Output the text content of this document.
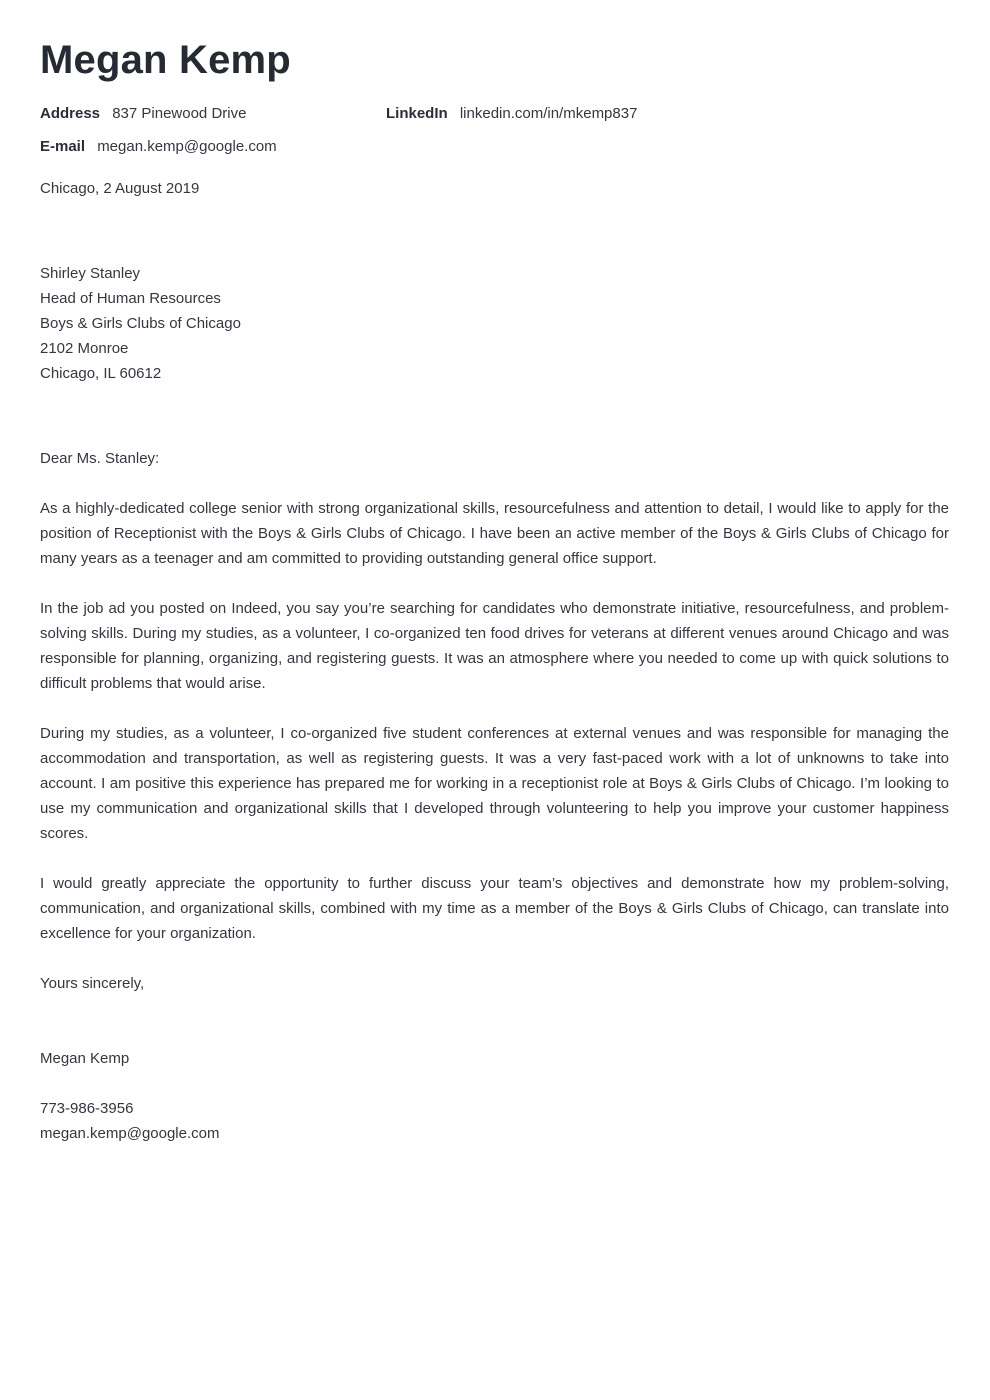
Megan Kemp
Address 837 Pinewood Drive	LinkedIn linkedin.com/in/mkemp837
E-mail megan.kemp@google.com
Chicago, 2 August 2019
Shirley Stanley
Head of Human Resources
Boys & Girls Clubs of Chicago
2102 Monroe
Chicago, IL 60612
Dear Ms. Stanley:
As a highly-dedicated college senior with strong organizational skills, resourcefulness and attention to detail, I would like to apply for the position of Receptionist with the Boys & Girls Clubs of Chicago. I have been an active member of the Boys & Girls Clubs of Chicago for many years as a teenager and am committed to providing outstanding general office support.
In the job ad you posted on Indeed, you say you’re searching for candidates who demonstrate initiative, resourcefulness, and problem-solving skills. During my studies, as a volunteer, I co-organized ten food drives for veterans at different venues around Chicago and was responsible for planning, organizing, and registering guests. It was an atmosphere where you needed to come up with quick solutions to difficult problems that would arise.
During my studies, as a volunteer, I co-organized five student conferences at external venues and was responsible for managing the accommodation and transportation, as well as registering guests. It was a very fast-paced work with a lot of unknowns to take into account. I am positive this experience has prepared me for working in a receptionist role at Boys & Girls Clubs of Chicago. I’m looking to use my communication and organizational skills that I developed through volunteering to help you improve your customer happiness scores.
I would greatly appreciate the opportunity to further discuss your team’s objectives and demonstrate how my problem-solving, communication, and organizational skills, combined with my time as a member of the Boys & Girls Clubs of Chicago, can translate into excellence for your organization.
Yours sincerely,
Megan Kemp
773-986-3956
megan.kemp@google.com
